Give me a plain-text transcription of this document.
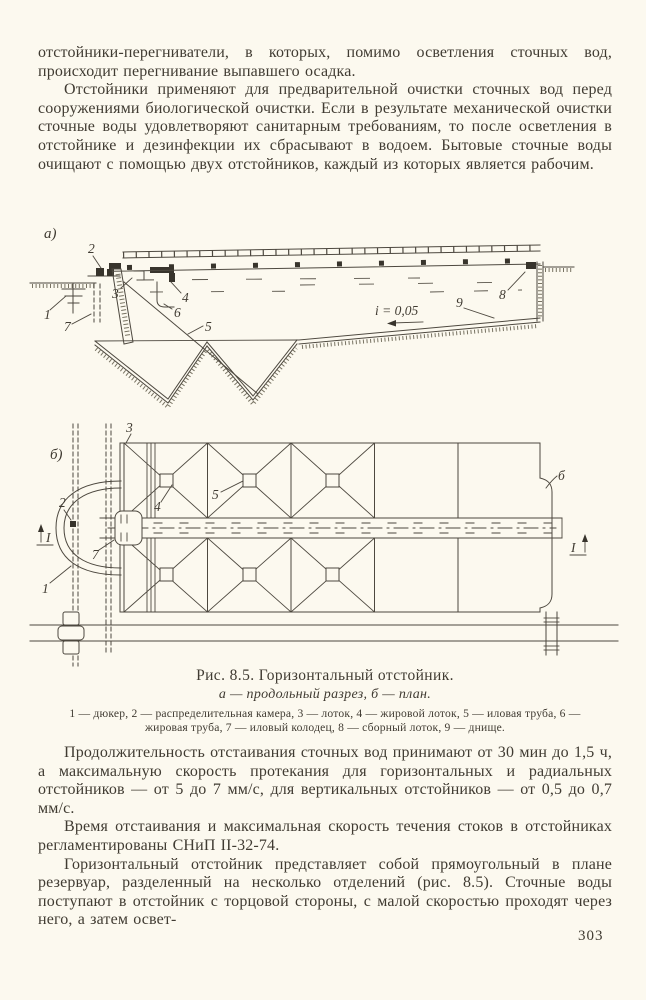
отстойники-перегниватели, в которых, помимо осветления сточных вод, происходит перегнивание выпавшего осадка.

Отстойники применяют для предварительной очистки сточных вод перед сооружениями биологической очистки. Если в результате механической очистки сточные воды удовлетворяют санитарным требованиям, то после осветления в отстойнике и дезинфекции их сбрасывают в водоем. Бытовые сточные воды очищают с помощью двух отстойников, каждый из которых является рабочим.

а)
1
2
7
3	4
6
5
9
8
i = 0,05
б)
2
7
1
3
4
5
б
I
I

Рис. 8.5. Горизонтальный отстойник.

а — продольный разрез, б — план.

1 — дюкер, 2 — распределительная камера, 3 — лоток, 4 — жировой лоток, 5 — иловая труба, 6 — жировая труба, 7 — иловый колодец, 8 — сборный лоток, 9 — днище.

Продолжительность отстаивания сточных вод принимают от 30 мин до 1,5 ч, а максимальную скорость протекания для горизонтальных и радиальных отстойников — от 5 до 7 мм/с, для вертикальных отстойников — от 0,5 до 0,7 мм/с.

Время отстаивания и максимальная скорость течения стоков в отстойниках регламентированы СНиП II-32-74.

Горизонтальный отстойник представляет собой прямоугольный в плане резервуар, разделенный на несколько отделений (рис. 8.5). Сточные воды поступают в отстойник с торцовой стороны, с малой скоростью проходят через него, а затем освет-

303
